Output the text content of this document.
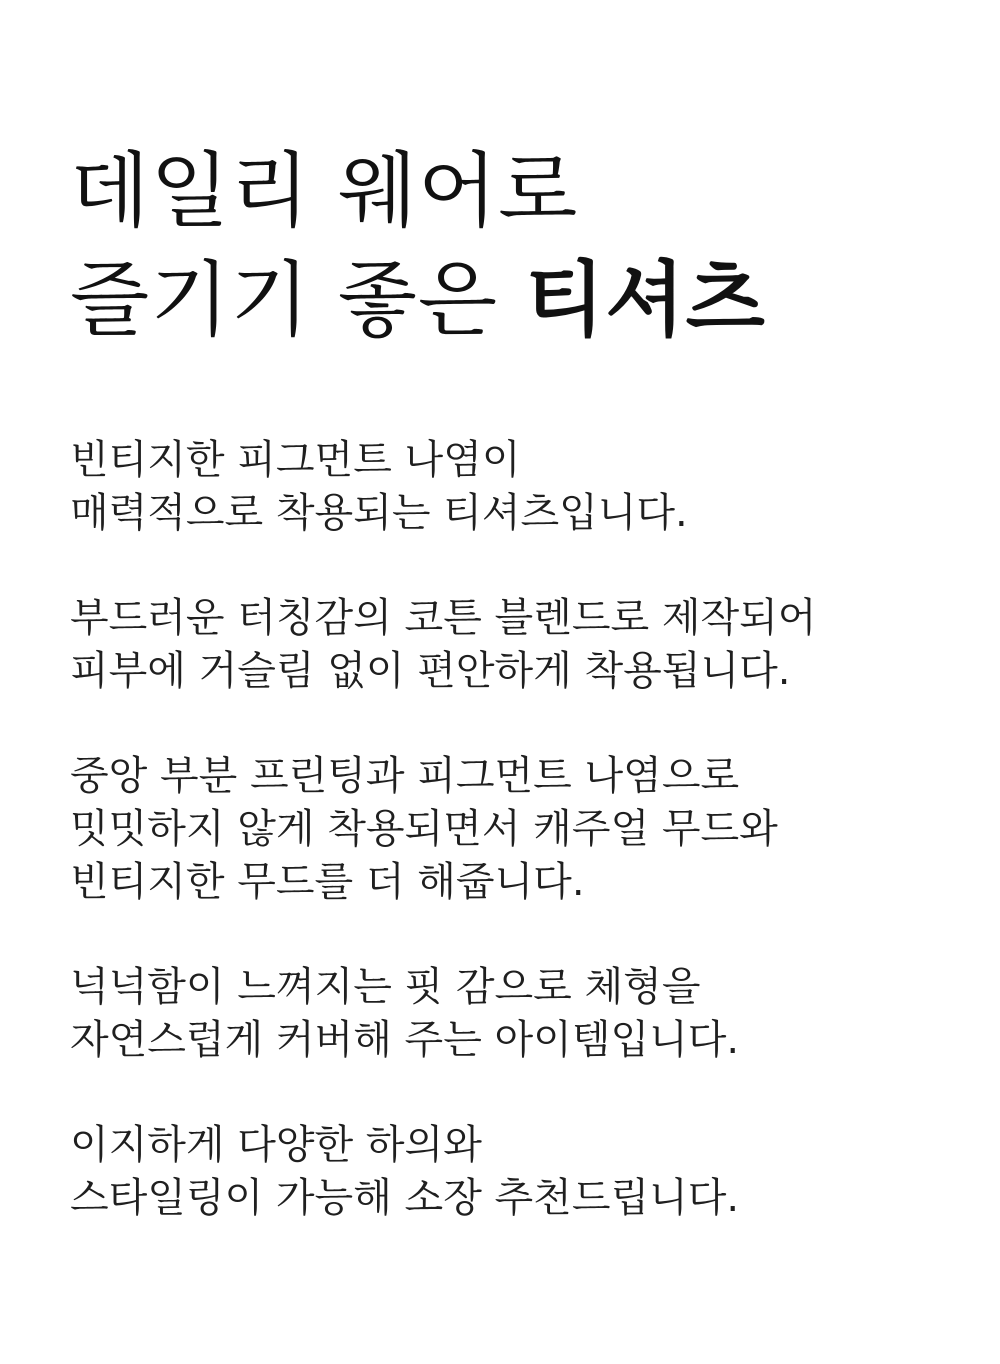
데일리 웨어로
즐기기 좋은 티셔츠

빈티지한 피그먼트 나염이
매력적으로 착용되는 티셔츠입니다.

부드러운 터칭감의 코튼 블렌드로 제작되어
피부에 거슬림 없이 편안하게 착용됩니다.

중앙 부분 프린팅과 피그먼트 나염으로
밋밋하지 않게 착용되면서 캐주얼 무드와
빈티지한 무드를 더 해줍니다.

넉넉함이 느껴지는 핏 감으로 체형을
자연스럽게 커버해 주는 아이템입니다.

이지하게 다양한 하의와
스타일링이 가능해 소장 추천드립니다.
